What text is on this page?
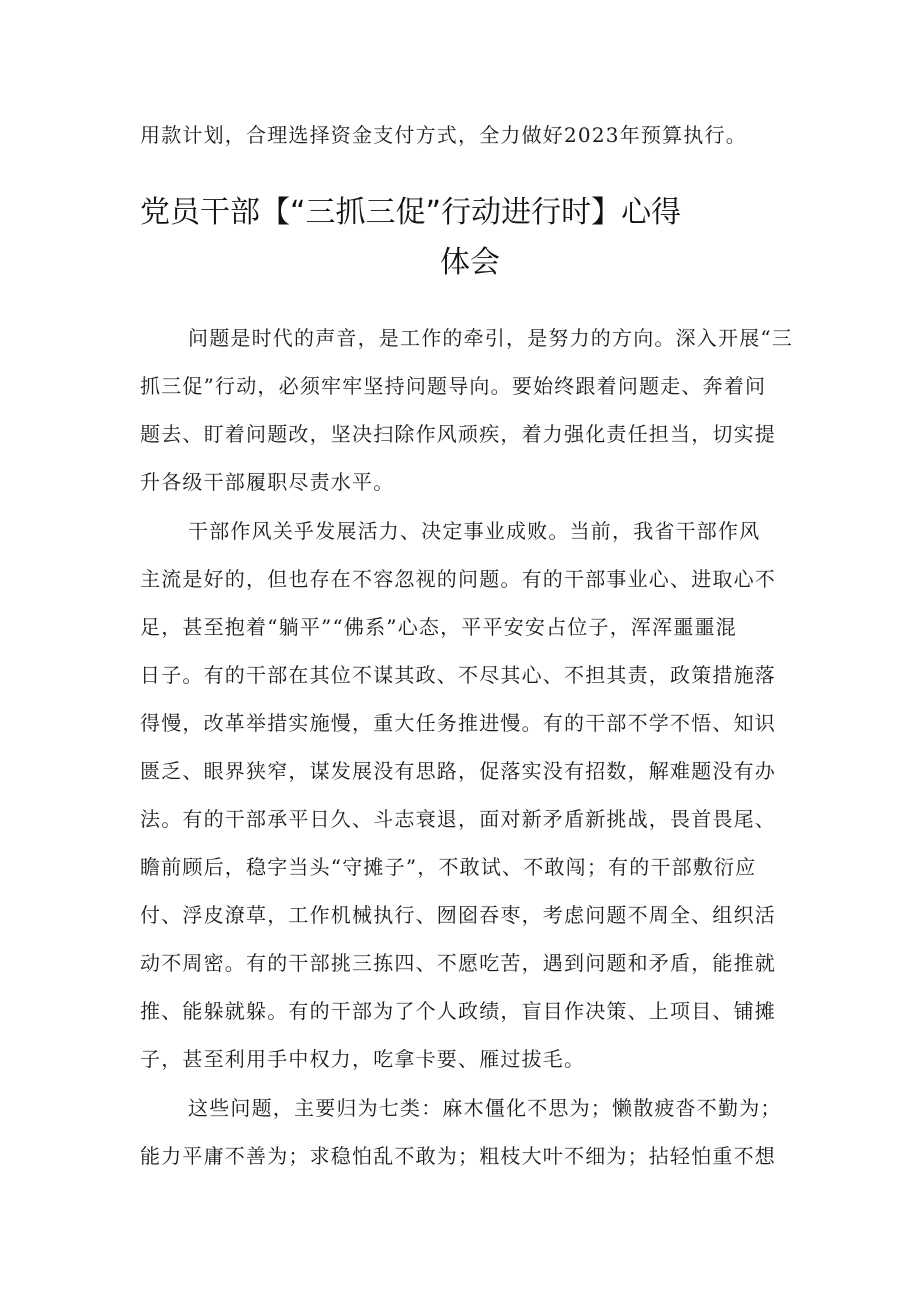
用款计划，合理选择资金支付方式，全力做好2023年预算执行。
党员干部【“三抓三促”行动进行时】心得
体会
问题是时代的声音，是工作的牵引，是努力的方向。深入开展“三
抓三促”行动，必须牢牢坚持问题导向。要始终跟着问题走、奔着问
题去、盯着问题改，坚决扫除作风顽疾，着力强化责任担当，切实提
升各级干部履职尽责水平。
干部作风关乎发展活力、决定事业成败。当前，我省干部作风
主流是好的，但也存在不容忽视的问题。有的干部事业心、进取心不
足，甚至抱着“躺平”“佛系”心态，平平安安占位子，浑浑噩噩混
日子。有的干部在其位不谋其政、不尽其心、不担其责，政策措施落
得慢，改革举措实施慢，重大任务推进慢。有的干部不学不悟、知识
匮乏、眼界狭窄，谋发展没有思路，促落实没有招数，解难题没有办
法。有的干部承平日久、斗志衰退，面对新矛盾新挑战，畏首畏尾、
瞻前顾后，稳字当头“守摊子”，不敢试、不敢闯；有的干部敷衍应
付、浮皮潦草，工作机械执行、囫囵吞枣，考虑问题不周全、组织活
动不周密。有的干部挑三拣四、不愿吃苦，遇到问题和矛盾，能推就
推、能躲就躲。有的干部为了个人政绩，盲目作决策、上项目、铺摊
子，甚至利用手中权力，吃拿卡要、雁过拔毛。
这些问题，主要归为七类：麻木僵化不思为；懒散疲沓不勤为；
能力平庸不善为；求稳怕乱不敢为；粗枝大叶不细为；拈轻怕重不想
